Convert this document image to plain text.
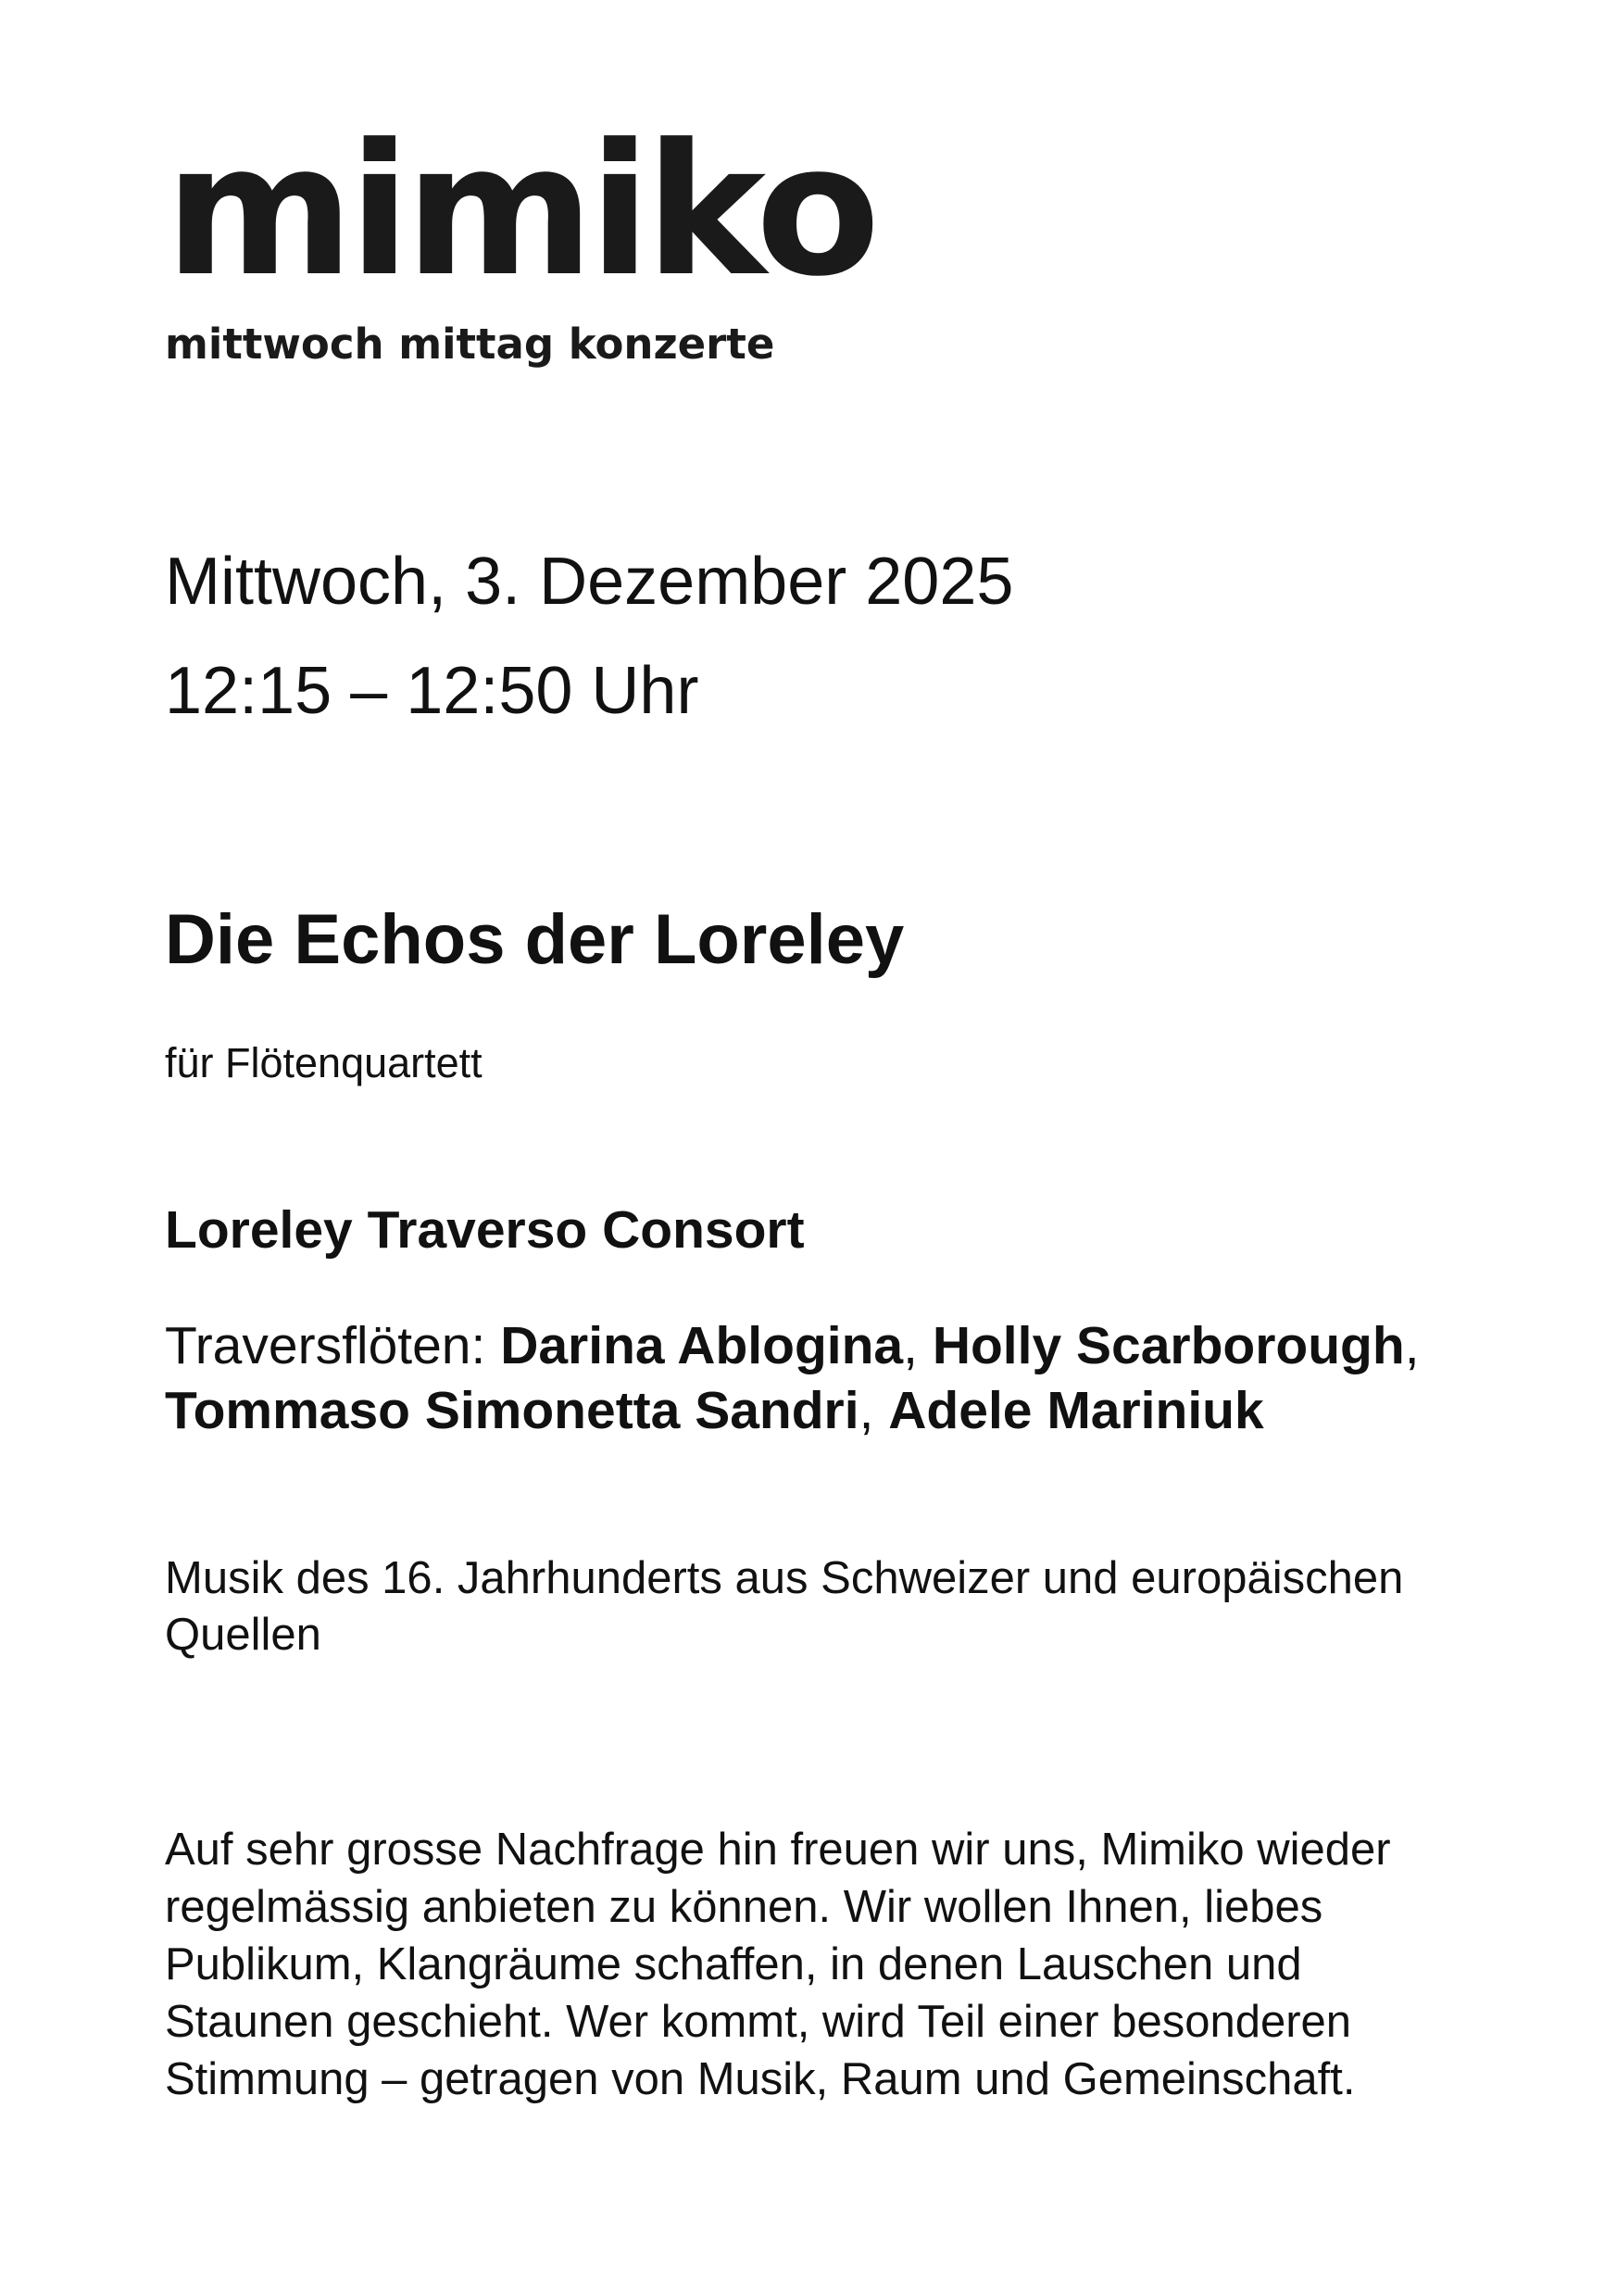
mimiko
mittwoch mittag konzerte
Mittwoch, 3. Dezember 2025
12:15 – 12:50 Uhr
Die Echos der Loreley
für Flötenquartett
Loreley Traverso Consort
Traversflöten: Darina Ablogina, Holly Scarborough,
Tommaso Simonetta Sandri, Adele Mariniuk
Musik des 16. Jahrhunderts aus Schweizer und europäischen
Quellen
Auf sehr grosse Nachfrage hin freuen wir uns, Mimiko wieder
regelmässig anbieten zu können. Wir wollen Ihnen, liebes
Publikum, Klangräume schaffen, in denen Lauschen und
Staunen geschieht. Wer kommt, wird Teil einer besonderen
Stimmung – getragen von Musik, Raum und Gemeinschaft.
